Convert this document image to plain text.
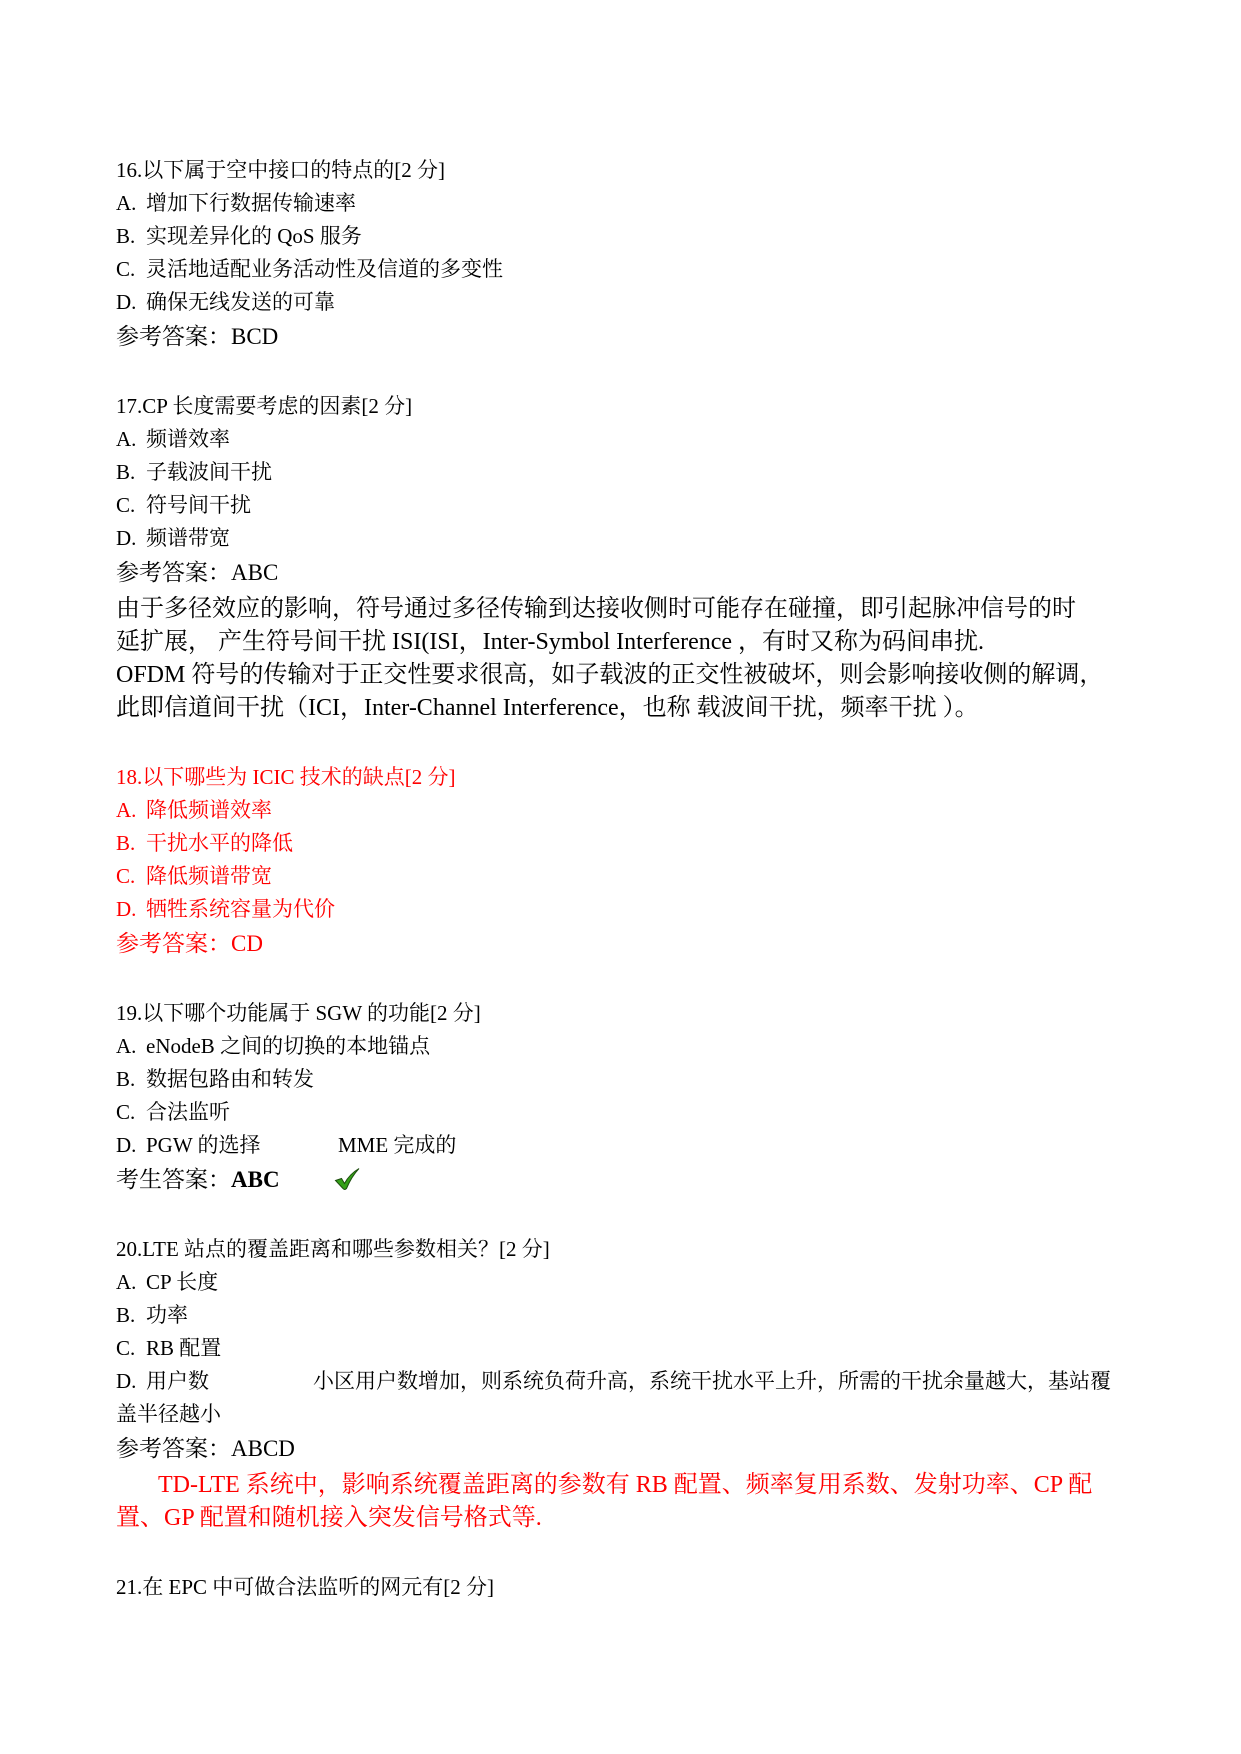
16.以下属于空中接口的特点的[2 分]
A. 增加下行数据传输速率
B. 实现差异化的 QoS 服务
C. 灵活地适配业务活动性及信道的多变性
D. 确保无线发送的可靠
参考答案：BCD
17.CP 长度需要考虑的因素[2 分]
A. 频谱效率
B. 子载波间干扰
C. 符号间干扰
D. 频谱带宽
参考答案：ABC
由于多径效应的影响，符号通过多径传输到达接收侧时可能存在碰撞，即引起脉冲信号的时
延扩展， 产生符号间干扰 ISI(ISI，Inter-Symbol Interference ，有时又称为码间串扰.
OFDM 符号的传输对于正交性要求很高，如子载波的正交性被破坏，则会影响接收侧的解调，
此即信道间干扰（ICI，Inter-Channel Interference，也称 载波间干扰，频率干扰 ）。
18.以下哪些为 ICIC 技术的缺点[2 分]
A. 降低频谱效率
B. 干扰水平的降低
C. 降低频谱带宽
D. 牺牲系统容量为代价
参考答案：CD
19.以下哪个功能属于 SGW 的功能[2 分]
A. eNodeB 之间的切换的本地锚点
B. 数据包路由和转发
C. 合法监听
D. PGW 的选择	MME 完成的
考生答案：ABC
20.LTE 站点的覆盖距离和哪些参数相关？[2 分]
A. CP 长度
B. 功率
C. RB 配置
D. 用户数	小区用户数增加，则系统负荷升高，系统干扰水平上升，所需的干扰余量越大，基站覆盖半径越小
参考答案：ABCD
TD-LTE 系统中，影响系统覆盖距离的参数有 RB 配置、频率复用系数、发射功率、CP 配
置、GP 配置和随机接入突发信号格式等.
21.在 EPC 中可做合法监听的网元有[2 分]
